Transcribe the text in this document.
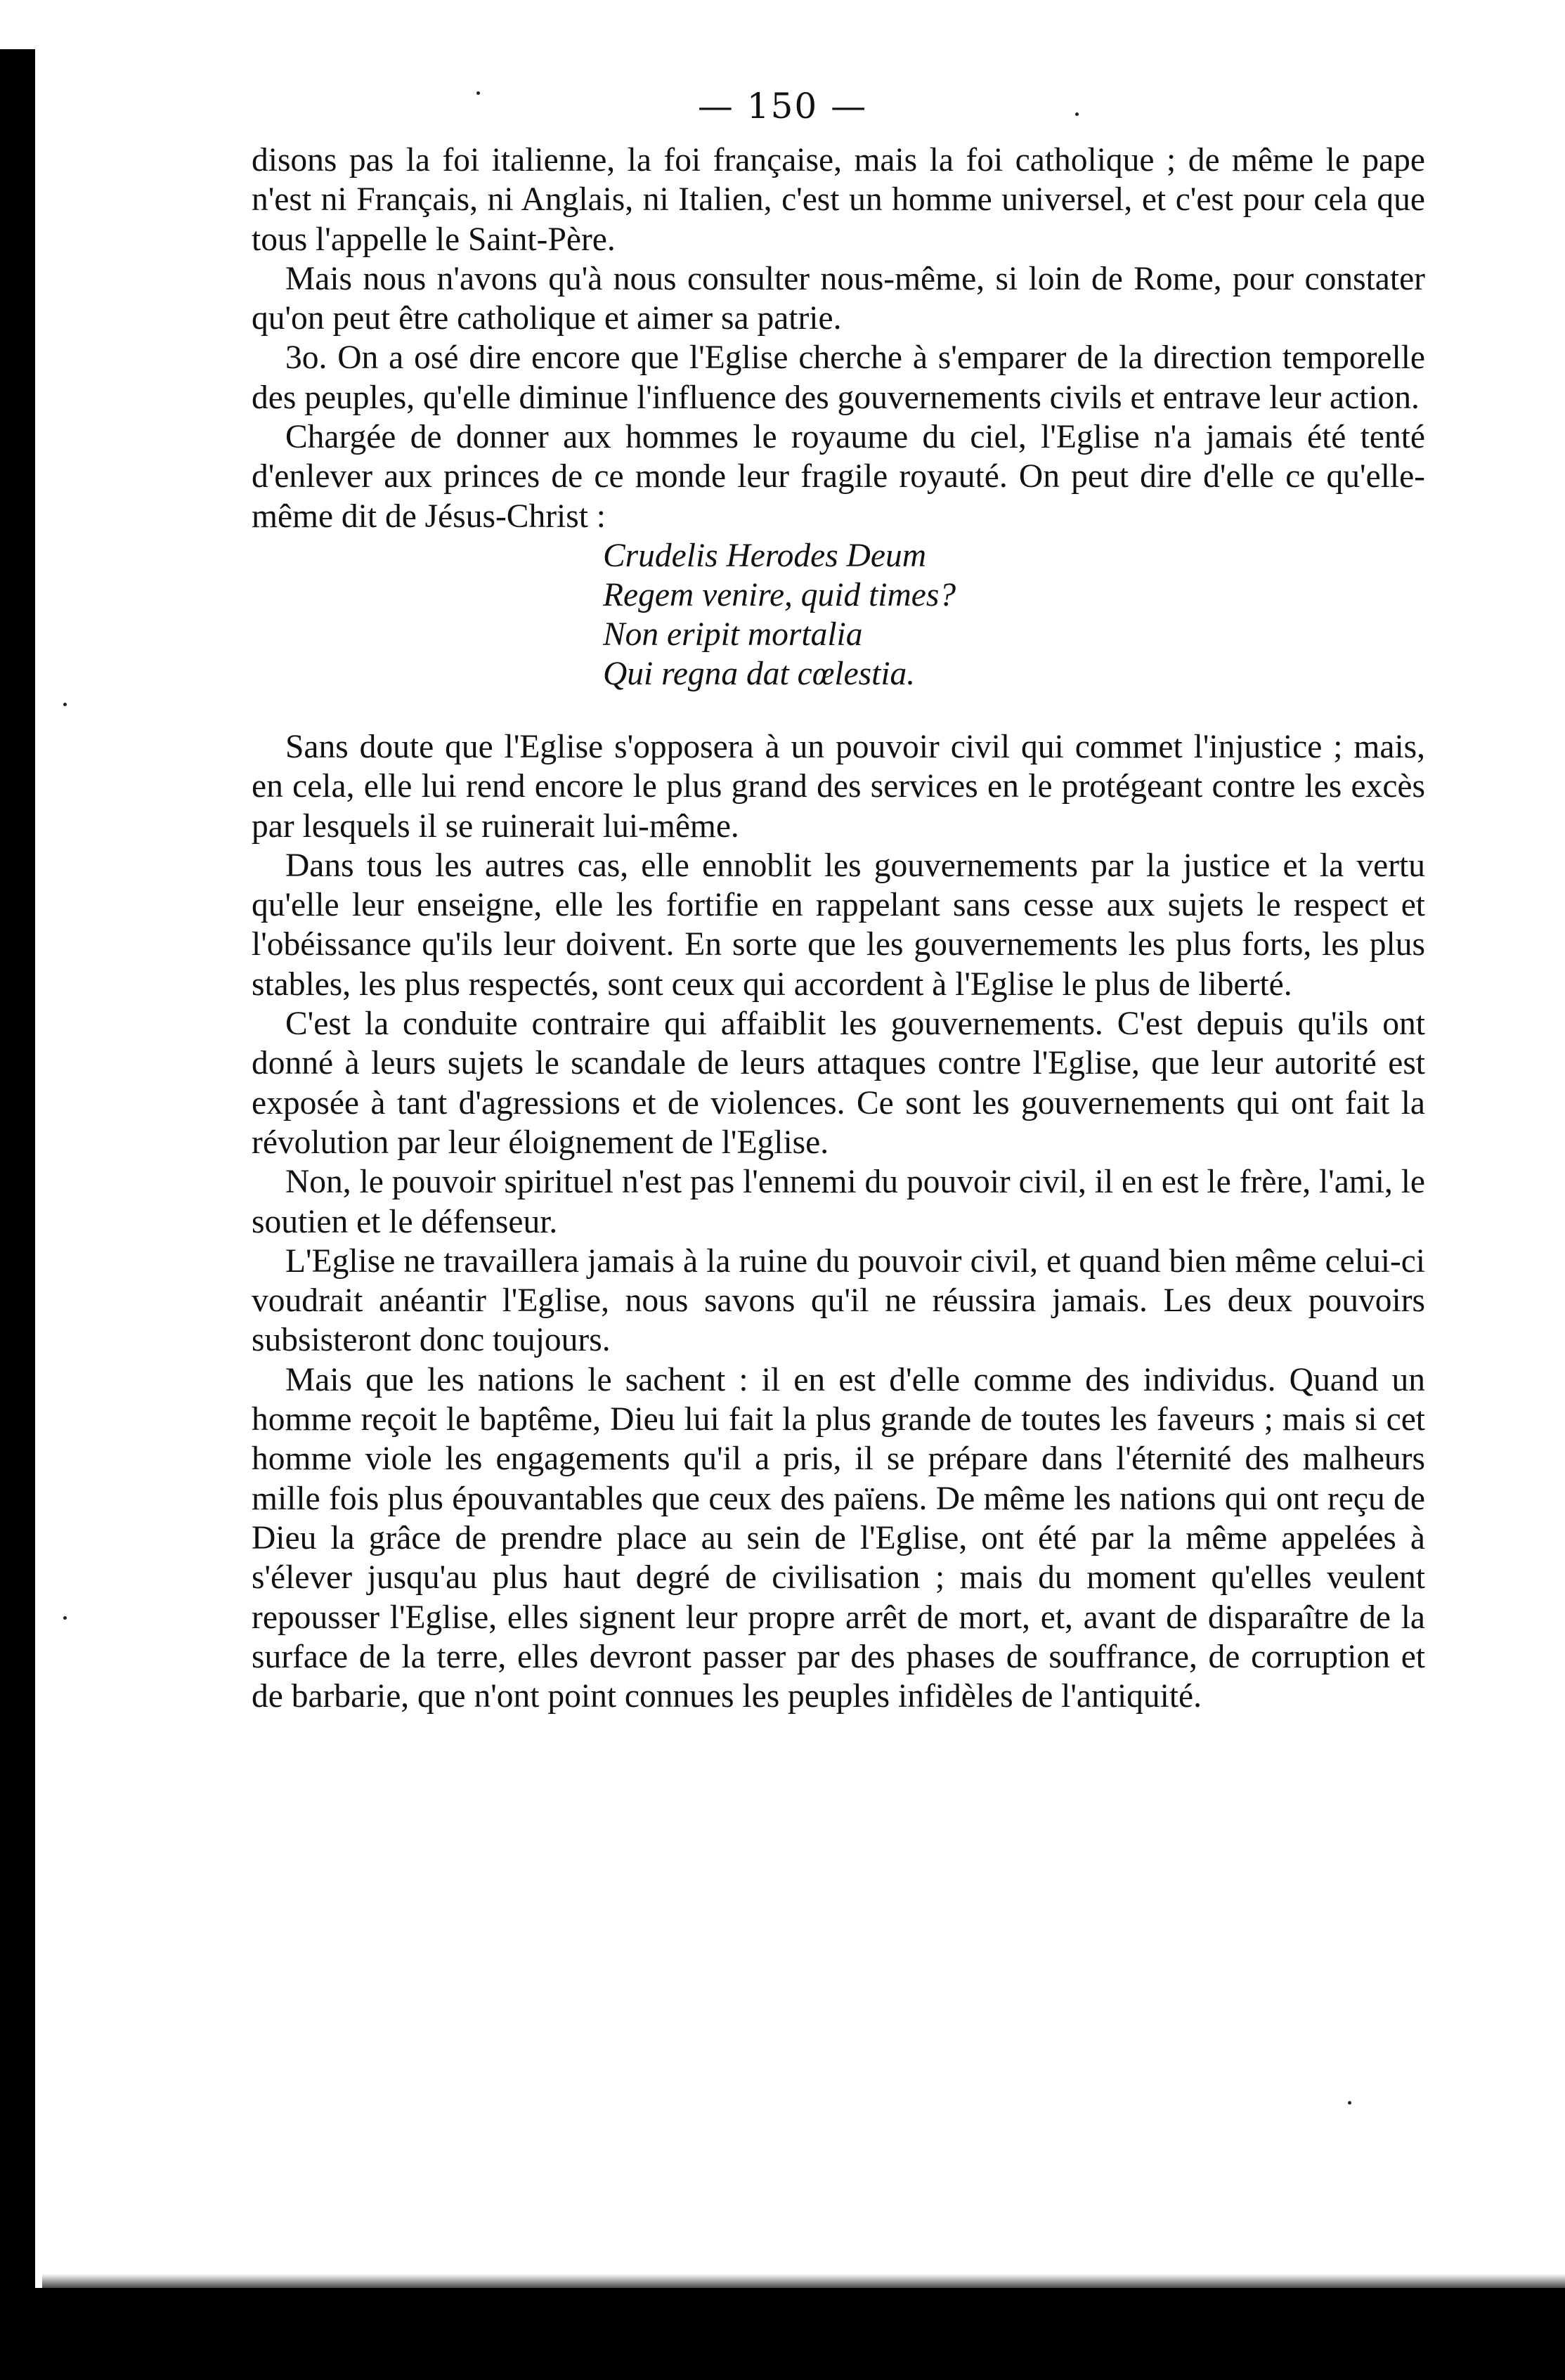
— 150 —

disons pas la foi italienne, la foi française, mais la foi catholique ; de même le pape n'est ni Français, ni Anglais, ni Italien, c'est un homme universel, et c'est pour cela que tous l'appelle le Saint-Père.

Mais nous n'avons qu'à nous consulter nous-même, si loin de Rome, pour constater qu'on peut être catholique et aimer sa patrie.

3o. On a osé dire encore que l'Eglise cherche à s'emparer de la direction temporelle des peuples, qu'elle diminue l'influence des gouvernements civils et entrave leur action.

Chargée de donner aux hommes le royaume du ciel, l'Eglise n'a jamais été tenté d'enlever aux princes de ce monde leur fragile royauté. On peut dire d'elle ce qu'elle-même dit de Jésus-Christ :

Crudelis Herodes Deum
Regem venire, quid times?
Non eripit mortalia
Qui regna dat cœlestia.

Sans doute que l'Eglise s'opposera à un pouvoir civil qui commet l'injustice ; mais, en cela, elle lui rend encore le plus grand des services en le protégeant contre les excès par lesquels il se ruinerait lui-même.

Dans tous les autres cas, elle ennoblit les gouvernements par la justice et la vertu qu'elle leur enseigne, elle les fortifie en rappelant sans cesse aux sujets le respect et l'obéissance qu'ils leur doivent. En sorte que les gouvernements les plus forts, les plus stables, les plus respectés, sont ceux qui accordent à l'Eglise le plus de liberté.

C'est la conduite contraire qui affaiblit les gouvernements. C'est depuis qu'ils ont donné à leurs sujets le scandale de leurs attaques contre l'Eglise, que leur autorité est exposée à tant d'agressions et de violences. Ce sont les gouvernements qui ont fait la révolution par leur éloignement de l'Eglise.

Non, le pouvoir spirituel n'est pas l'ennemi du pouvoir civil, il en est le frère, l'ami, le soutien et le défenseur.

L'Eglise ne travaillera jamais à la ruine du pouvoir civil, et quand bien même celui-ci voudrait anéantir l'Eglise, nous savons qu'il ne réussira jamais. Les deux pouvoirs subsisteront donc toujours.

Mais que les nations le sachent : il en est d'elle comme des individus. Quand un homme reçoit le baptême, Dieu lui fait la plus grande de toutes les faveurs ; mais si cet homme viole les engagements qu'il a pris, il se prépare dans l'éternité des malheurs mille fois plus épouvantables que ceux des païens. De même les nations qui ont reçu de Dieu la grâce de prendre place au sein de l'Eglise, ont été par la même appelées à s'élever jusqu'au plus haut degré de civilisation ; mais du moment qu'elles veulent repousser l'Eglise, elles signent leur propre arrêt de mort, et, avant de disparaître de la surface de la terre, elles devront passer par des phases de souffrance, de corruption et de barbarie, que n'ont point connues les peuples infidèles de l'antiquité.
